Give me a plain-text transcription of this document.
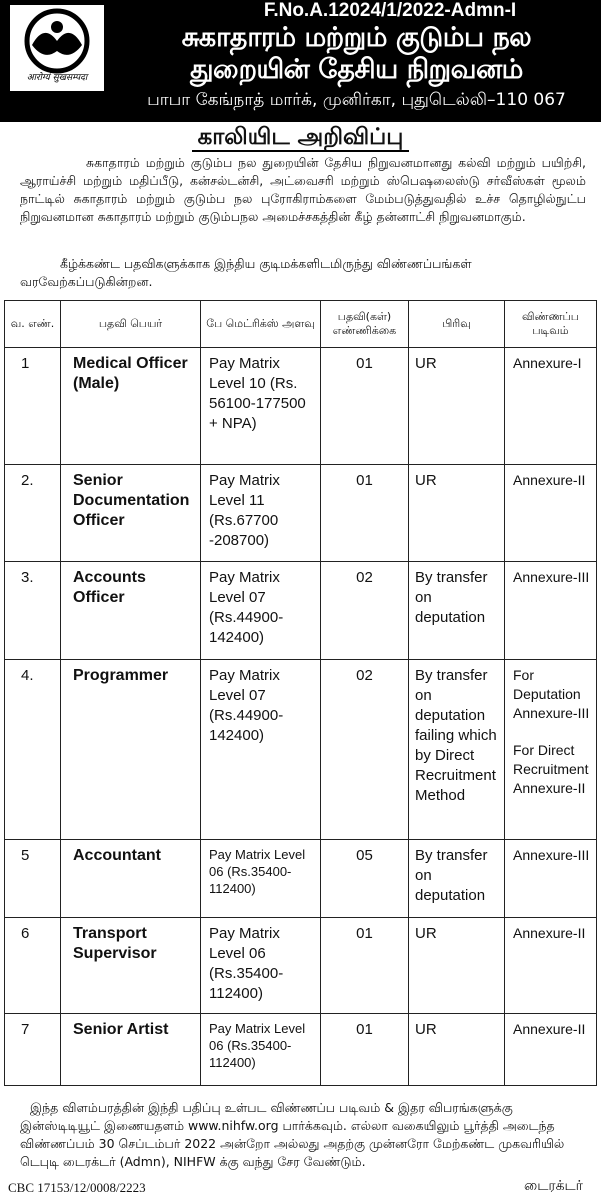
आरोग्यं सुखसम्पदा
F.No.A.12024/1/2022-Admn-I
சுகாதாரம் மற்றும் குடும்ப நல
துறையின் தேசிய நிறுவனம்
பாபா கேங்நாத் மார்க், முனிர்கா, புதுடெல்லி–110 067
காலியிட அறிவிப்பு
சுகாதாரம் மற்றும் குடும்ப நல துறையின் தேசிய நிறுவனமானது கல்வி மற்றும் பயிற்சி, ஆராய்ச்சி மற்றும் மதிப்பீடு, கன்சல்டன்சி, அட்வைசரி மற்றும் ஸ்பெஷலைஸ்டு சர்வீஸ்கள் மூலம் நாட்டில் சுகாதாரம் மற்றும் குடும்ப நல புரோகிராம்களை மேம்படுத்துவதில் உச்ச தொழில்நுட்ப நிறுவனமான சுகாதாரம் மற்றும் குடும்பநல அமைச்சகத்தின் கீழ் தன்னாட்சி நிறுவனமாகும்.
கீழ்க்கண்ட பதவிகளுக்காக இந்திய குடிமக்களிடமிருந்து விண்ணப்பங்கள் வரவேற்கப்படுகின்றன.
வ. எண்.	பதவி பெயர்	பே மெட்ரிக்ஸ் அளவு	பதவி(கள்) எண்ணிக்கை	பிரிவு	விண்ணப்ப படிவம்
1	Medical Officer (Male)	Pay Matrix Level 10 (Rs. 56100-177500 + NPA)	01	UR	Annexure-I
2.	Senior Documentation Officer	Pay Matrix Level 11 (Rs.67700 -208700)	01	UR	Annexure-II
3.	Accounts Officer	Pay Matrix Level 07 (Rs.44900-142400)	02	By transfer on deputation	Annexure-III
4.	Programmer	Pay Matrix Level 07 (Rs.44900-142400)	02	By transfer on deputation failing which by Direct Recruitment Method	For Deputation Annexure-III
For Direct Recruitment Annexure-II

5	Accountant	Pay Matrix Level 06 (Rs.35400-112400)	05	By transfer on deputation	Annexure-III
6	Transport Supervisor	Pay Matrix Level 06 (Rs.35400-112400)	01	UR	Annexure-II
7	Senior Artist	Pay Matrix Level 06 (Rs.35400-112400)	01	UR	Annexure-II
இந்த விளம்பரத்தின் இந்தி பதிப்பு உள்பட விண்ணப்ப படிவம் & இதர விபரங்களுக்கு இன்ஸ்டிடியூட் இணையதளம் www.nihfw.org பார்க்கவும். எல்லா வகையிலும் பூர்த்தி அடைந்த விண்ணப்பம் 30 செப்டம்பர் 2022 அன்றோ அல்லது அதற்கு முன்னரோ மேற்கண்ட முகவரியில் டெபுடி டைரக்டர் (Admn), NIHFW க்கு வந்து சேர வேண்டும்.
CBC 17153/12/0008/2223	டைரக்டர்
